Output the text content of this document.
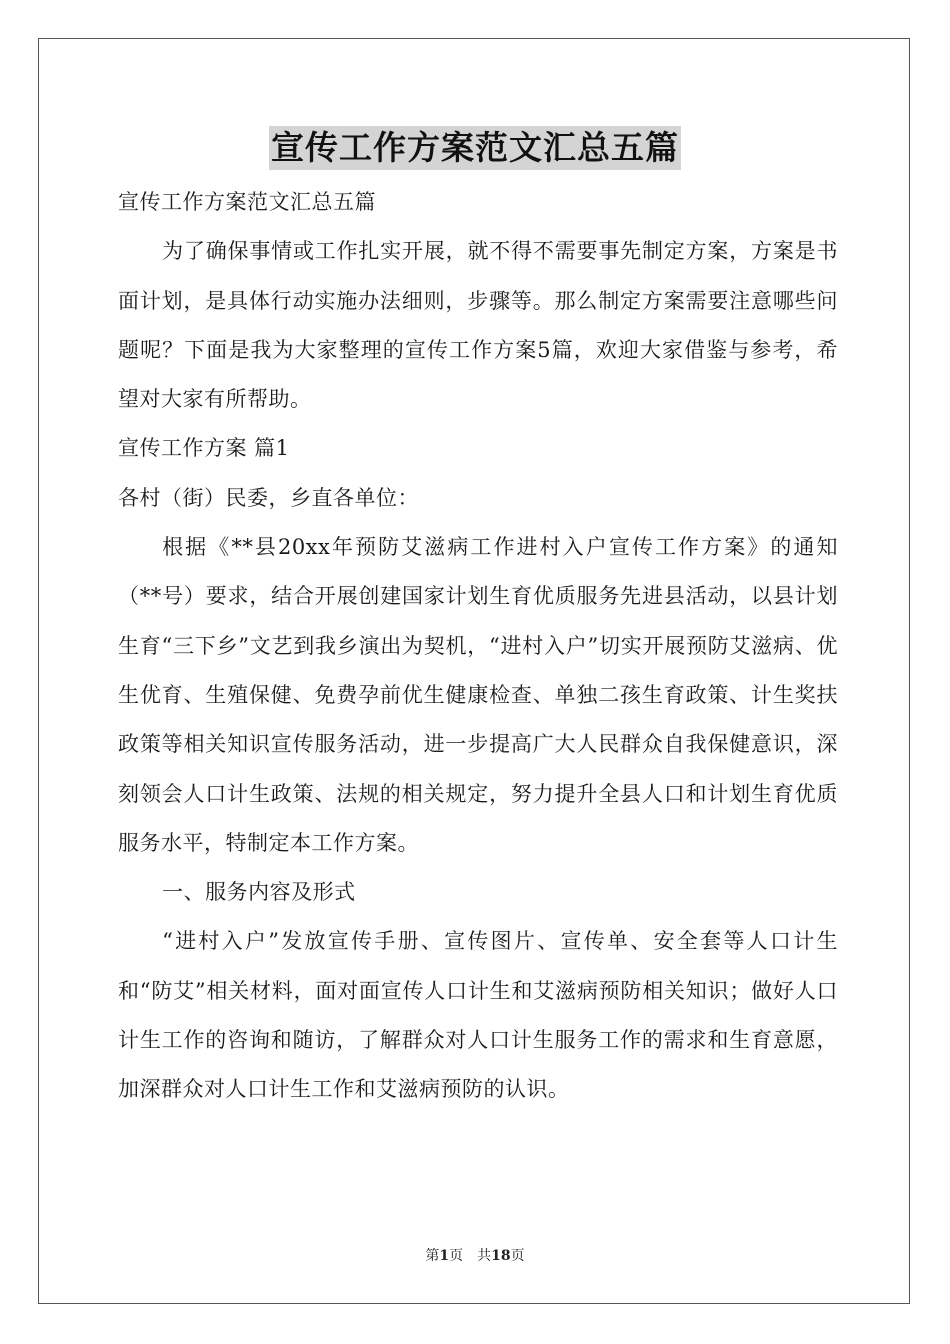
宣传工作方案范文汇总五篇

宣传工作方案范文汇总五篇

为了确保事情或工作扎实开展，就不得不需要事先制定方案，方案是书面计划，是具体行动实施办法细则，步骤等。那么制定方案需要注意哪些问题呢？下面是我为大家整理的宣传工作方案5篇，欢迎大家借鉴与参考，希望对大家有所帮助。

宣传工作方案 篇1

各村（街）民委，乡直各单位：

根据《**县20xx年预防艾滋病工作进村入户宣传工作方案》的通知（**号）要求，结合开展创建国家计划生育优质服务先进县活动，以县计划生育“三下乡”文艺到我乡演出为契机，“进村入户”切实开展预防艾滋病、优生优育、生殖保健、免费孕前优生健康检查、单独二孩生育政策、计生奖扶政策等相关知识宣传服务活动，进一步提高广大人民群众自我保健意识，深刻领会人口计生政策、法规的相关规定，努力提升全县人口和计划生育优质服务水平，特制定本工作方案。

一、服务内容及形式

“进村入户”发放宣传手册、宣传图片、宣传单、安全套等人口计生和“防艾”相关材料，面对面宣传人口计生和艾滋病预防相关知识；做好人口计生工作的咨询和随访，了解群众对人口计生服务工作的需求和生育意愿，加深群众对人口计生工作和艾滋病预防的认识。

第1页　共18页
